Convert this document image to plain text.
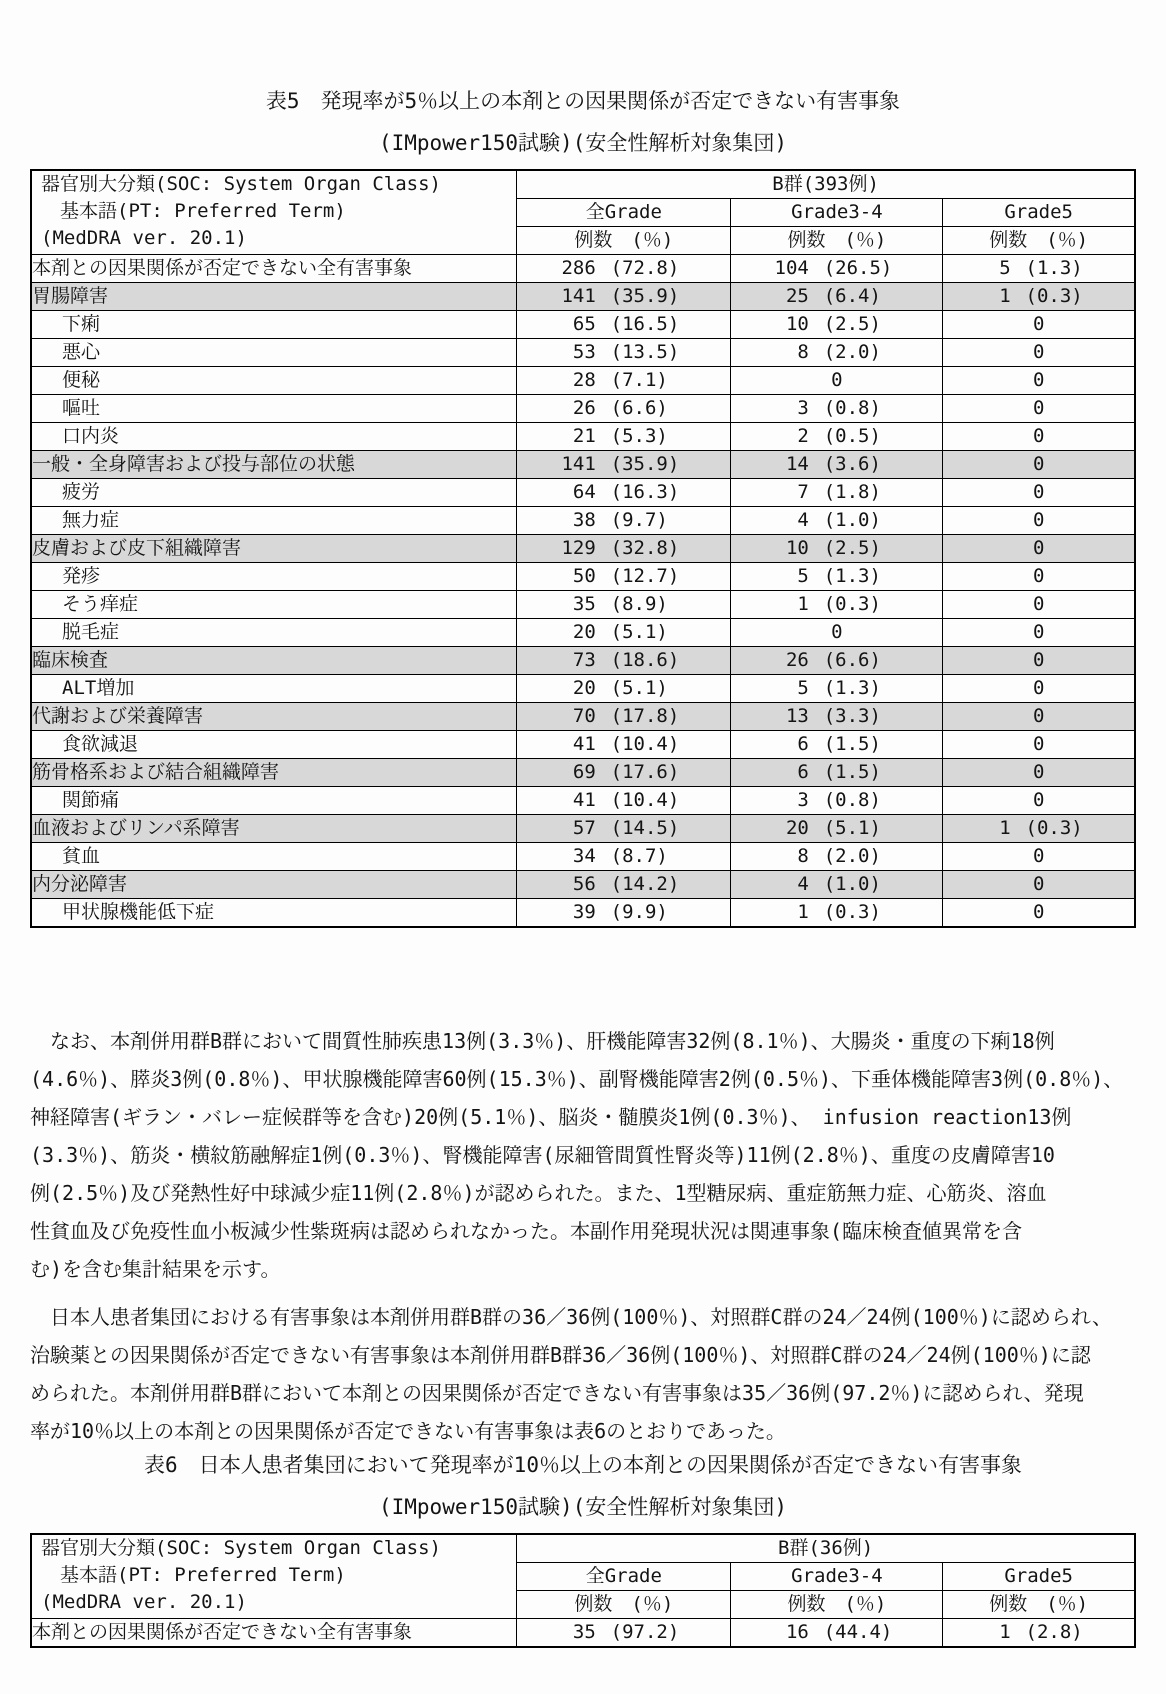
表5　発現率が5％以上の本剤との因果関係が否定できない有害事象
(IMpower150試験)(安全性解析対象集団)
器官別大分類(SOC: System Organ Class)
　基本語(PT: Preferred Term)
(MedDRA ver. 20.1)	B群(393例)		
	全Grade	Grade3-4	Grade5
	例数　(％)	例数　(％)	例数　(％)
本剤との因果関係が否定できない全有害事象	286 (72.8)	104 (26.5)	5 (1.3)
胃腸障害	141 (35.9)	25 (6.4)	1 (0.3)
下痢	65 (16.5)	10 (2.5)	0
悪心	53 (13.5)	8 (2.0)	0
便秘	28 (7.1)	0	0
嘔吐	26 (6.6)	3 (0.8)	0
口内炎	21 (5.3)	2 (0.5)	0
一般・全身障害および投与部位の状態	141 (35.9)	14 (3.6)	0
疲労	64 (16.3)	7 (1.8)	0
無力症	38 (9.7)	4 (1.0)	0
皮膚および皮下組織障害	129 (32.8)	10 (2.5)	0
発疹	50 (12.7)	5 (1.3)	0
そう痒症	35 (8.9)	1 (0.3)	0
脱毛症	20 (5.1)	0	0
臨床検査	73 (18.6)	26 (6.6)	0
ALT増加	20 (5.1)	5 (1.3)	0
代謝および栄養障害	70 (17.8)	13 (3.3)	0
食欲減退	41 (10.4)	6 (1.5)	0
筋骨格系および結合組織障害	69 (17.6)	6 (1.5)	0
関節痛	41 (10.4)	3 (0.8)	0
血液およびリンパ系障害	57 (14.5)	20 (5.1)	1 (0.3)
貧血	34 (8.7)	8 (2.0)	0
内分泌障害	56 (14.2)	4 (1.0)	0
甲状腺機能低下症	39 (9.9)	1 (0.3)	0
　なお、本剤併用群B群において間質性肺疾患13例(3.3％)、肝機能障害32例(8.1％)、大腸炎・重度の下痢18例
(4.6％)、膵炎3例(0.8％)、甲状腺機能障害60例(15.3％)、副腎機能障害2例(0.5％)、下垂体機能障害3例(0.8％)、
神経障害(ギラン・バレー症候群等を含む)20例(5.1％)、脳炎・髄膜炎1例(0.3％)、 infusion reaction13例
(3.3％)、筋炎・横紋筋融解症1例(0.3％)、腎機能障害(尿細管間質性腎炎等)11例(2.8％)、重度の皮膚障害10
例(2.5％)及び発熱性好中球減少症11例(2.8％)が認められた。また、1型糖尿病、重症筋無力症、心筋炎、溶血
性貧血及び免疫性血小板減少性紫斑病は認められなかった。本副作用発現状況は関連事象(臨床検査値異常を含
む)を含む集計結果を示す。
　日本人患者集団における有害事象は本剤併用群B群の36／36例(100％)、対照群C群の24／24例(100％)に認められ、
治験薬との因果関係が否定できない有害事象は本剤併用群B群36／36例(100％)、対照群C群の24／24例(100％)に認
められた。本剤併用群B群において本剤との因果関係が否定できない有害事象は35／36例(97.2％)に認められ、発現
率が10％以上の本剤との因果関係が否定できない有害事象は表6のとおりであった。
表6　日本人患者集団において発現率が10％以上の本剤との因果関係が否定できない有害事象
(IMpower150試験)(安全性解析対象集団)
器官別大分類(SOC: System Organ Class)
　基本語(PT: Preferred Term)
(MedDRA ver. 20.1)	B群(36例)		
	全Grade	Grade3-4	Grade5
	例数　(％)	例数　(％)	例数　(％)
本剤との因果関係が否定できない全有害事象	35 (97.2)	16 (44.4)	1 (2.8)
